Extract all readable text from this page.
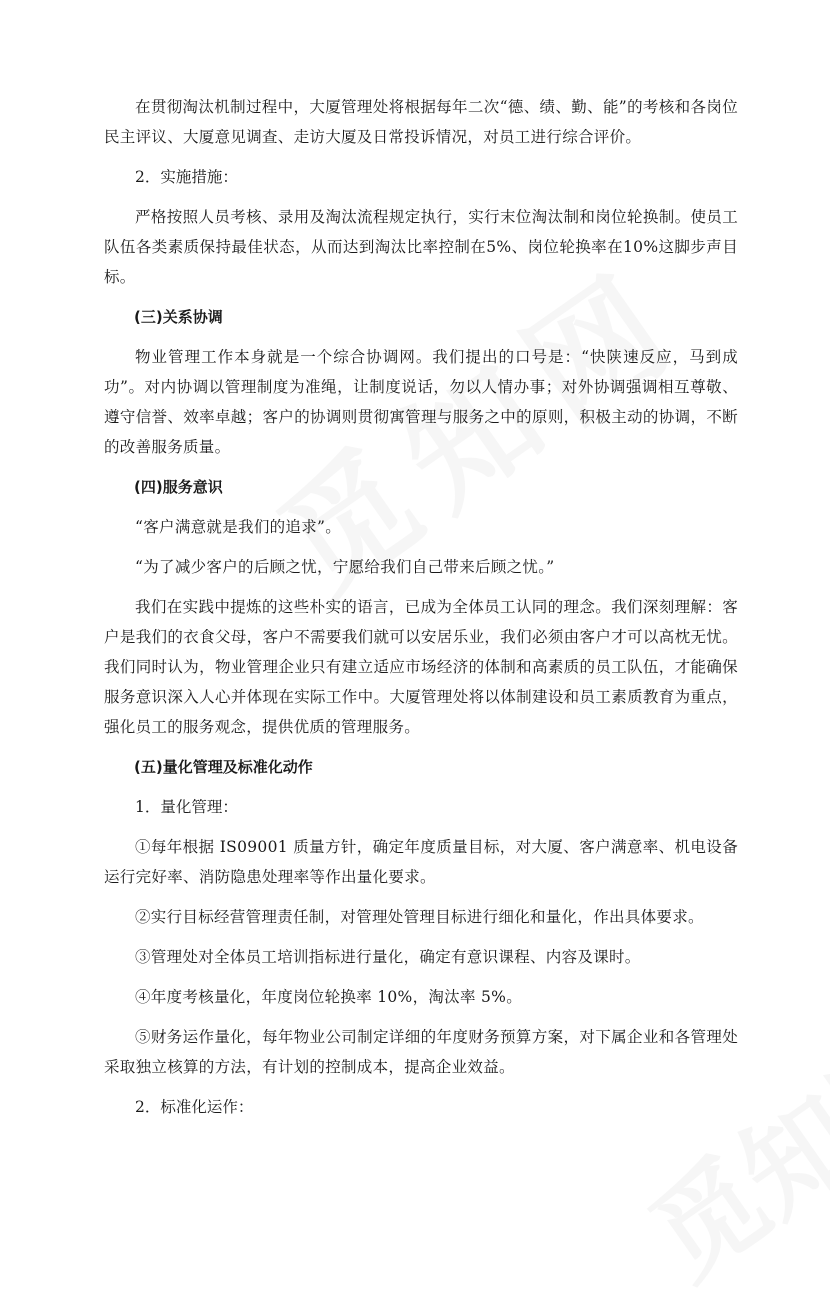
在贯彻淘汰机制过程中，大厦管理处将根据每年二次“德、绩、勤、能”的考核和各岗位民主评议、大厦意见调查、走访大厦及日常投诉情况，对员工进行综合评价。

2．实施措施：

严格按照人员考核、录用及淘汰流程规定执行，实行末位淘汰制和岗位轮换制。使员工队伍各类素质保持最佳状态，从而达到淘汰比率控制在5%、岗位轮换率在10%这脚步声目标。

(三)关系协调

物业管理工作本身就是一个综合协调网。我们提出的口号是：“快陕速反应，马到成功”。对内协调以管理制度为准绳，让制度说话，勿以人情办事；对外协调强调相互尊敬、遵守信誉、效率卓越；客户的协调则贯彻寓管理与服务之中的原则，积极主动的协调，不断的改善服务质量。

(四)服务意识

“客户满意就是我们的追求”。

“为了减少客户的后顾之忧，宁愿给我们自己带来后顾之忧。”

我们在实践中提炼的这些朴实的语言，已成为全体员工认同的理念。我们深刻理解：客户是我们的衣食父母，客户不需要我们就可以安居乐业，我们必须由客户才可以高枕无忧。我们同时认为，物业管理企业只有建立适应市场经济的体制和高素质的员工队伍，才能确保服务意识深入人心并体现在实际工作中。大厦管理处将以体制建设和员工素质教育为重点，强化员工的服务观念，提供优质的管理服务。

(五)量化管理及标准化动作

1．量化管理：

①每年根据 IS09001 质量方针，确定年度质量目标，对大厦、客户满意率、机电设备运行完好率、消防隐患处理率等作出量化要求。

②实行目标经营管理责任制，对管理处管理目标进行细化和量化，作出具体要求。

③管理处对全体员工培训指标进行量化，确定有意识课程、内容及课时。

④年度考核量化，年度岗位轮换率 10%，淘汰率 5%。

⑤财务运作量化，每年物业公司制定详细的年度财务预算方案，对下属企业和各管理处采取独立核算的方法，有计划的控制成本，提高企业效益。

2．标准化运作：
